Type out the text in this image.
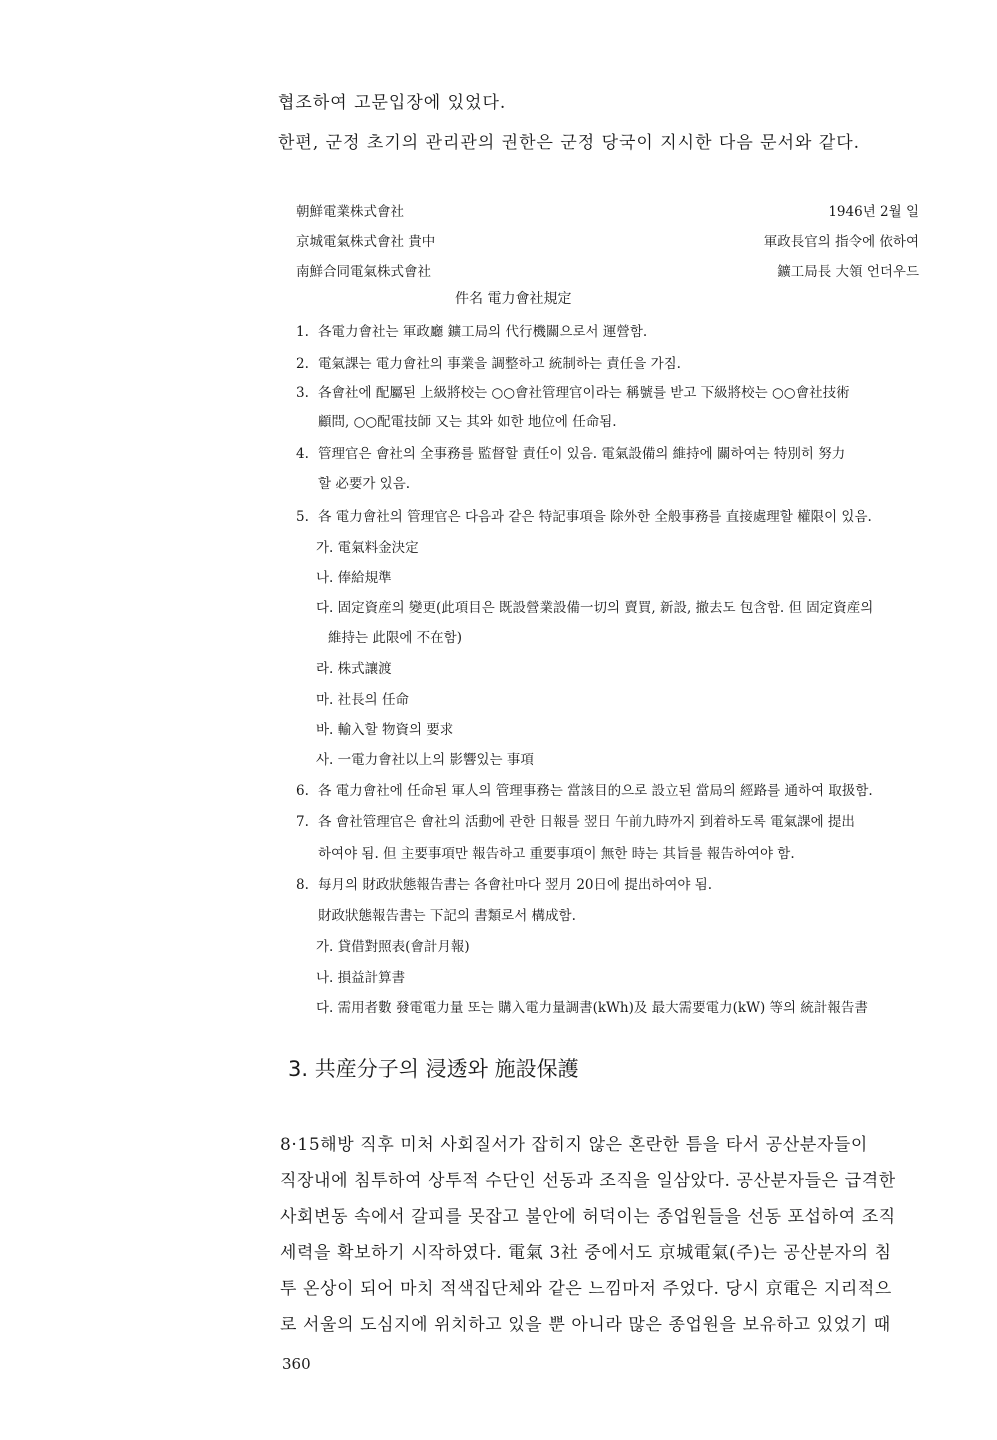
협조하여 고문입장에 있었다.
한편, 군정 초기의 관리관의 권한은 군정 당국이 지시한 다음 문서와 같다.
朝鮮電業株式會社
京城電氣株式會社 貴中
南鮮合同電氣株式會社
1946년 2월 일
軍政長官의 指令에 依하여
鑛工局長 大領 언더우드
件名 電力會社規定
1. 各電力會社는 軍政廳 鑛工局의 代行機關으로서 運營함.
2. 電氣課는 電力會社의 事業을 調整하고 統制하는 責任을 가짐.
3. 各會社에 配屬된 上級將校는 ○○會社管理官이라는 稱號를 받고 下級將校는 ○○會社技術
顧問, ○○配電技師 又는 其와 如한 地位에 任命됨.
4. 管理官은 會社의 全事務를 監督할 責任이 있음. 電氣設備의 維持에 關하여는 特別히 努力
할 必要가 있음.
5. 各 電力會社의 管理官은 다음과 같은 特記事項을 除外한 全般事務를 直接處理할 權限이 있음.
가. 電氣料金決定
나. 俸給規準
다. 固定資産의 變更(此項目은 既設營業設備一切의 賣買, 新設, 撤去도 包含함. 但 固定資産의
維持는 此限에 不在함)
라. 株式讓渡
마. 社長의 任命
바. 輸入할 物資의 要求
사. 一電力會社以上의 影響있는 事項
6. 各 電力會社에 任命된 軍人의 管理事務는 當該目的으로 設立된 當局의 經路를 通하여 取扱함.
7. 各 會社管理官은 會社의 活動에 관한 日報를 翌日 午前九時까지 到着하도록 電氣課에 提出
하여야 됨. 但 主要事項만 報告하고 重要事項이 無한 時는 其旨를 報告하여야 함.
8. 每月의 財政狀態報告書는 各會社마다 翌月 20日에 提出하여야 됨.
財政狀態報告書는 下記의 書類로서 構成함.
가. 貸借對照表(會計月報)
나. 損益計算書
다. 需用者數 發電電力量 또는 購入電力量調書(kWh)及 最大需要電力(kW) 等의 統計報告書
3. 共産分子의 浸透와 施設保護
8·15해방 직후 미처 사회질서가 잡히지 않은 혼란한 틈을 타서 공산분자들이
직장내에 침투하여 상투적 수단인 선동과 조직을 일삼았다. 공산분자들은 급격한
사회변동 속에서 갈피를 못잡고 불안에 허덕이는 종업원들을 선동 포섭하여 조직
세력을 확보하기 시작하였다. 電氣 3社 중에서도 京城電氣(주)는 공산분자의 침
투 온상이 되어 마치 적색집단체와 같은 느낌마저 주었다. 당시 京電은 지리적으
로 서울의 도심지에 위치하고 있을 뿐 아니라 많은 종업원을 보유하고 있었기 때
360
